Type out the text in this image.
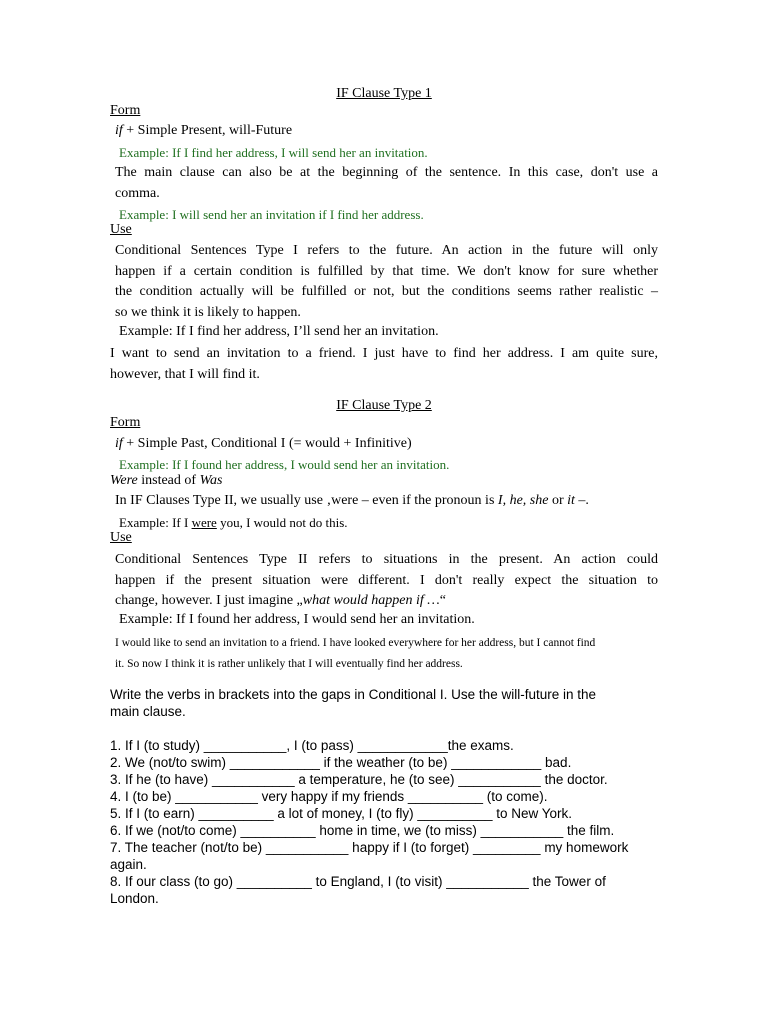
IF Clause Type 1
Form
if + Simple Present, will-Future
Example: If I find her address, I will send her an invitation.
The main clause can also be at the beginning of the sentence. In this case, don't use a
comma.
Example: I will send her an invitation if I find her address.
Use
Conditional Sentences Type I refers to the future. An action in the future will only
happen if a certain condition is fulfilled by that time. We don't know for sure whether
the condition actually will be fulfilled or not, but the conditions seems rather realistic –
so we think it is likely to happen.
Example: If I find her address, I’ll send her an invitation.
I want to send an invitation to a friend. I just have to find her address. I am quite sure,
however, that I will find it.
IF Clause Type 2
Form
if + Simple Past, Conditional I (= would + Infinitive)
Example: If I found her address, I would send her an invitation.
Were instead of Was
In IF Clauses Type II, we usually use ‚were – even if the pronoun is I, he, she or it –.
Example: If I were you, I would not do this.
Use
Conditional Sentences Type II refers to situations in the present. An action could
happen if the present situation were different. I don't really expect the situation to
change, however. I just imagine „what would happen if …“
Example: If I found her address, I would send her an invitation.
I would like to send an invitation to a friend. I have looked everywhere for her address, but I cannot find
it. So now I think it is rather unlikely that I will eventually find her address.
Write the verbs in brackets into the gaps in Conditional I. Use the will-future in the
main clause.
1. If I (to study) ___________, I (to pass) ____________the exams.
2. We (not/to swim) ____________ if the weather (to be) ____________ bad.
3. If he (to have) ___________ a temperature, he (to see) ___________ the doctor.
4. I (to be) ___________ very happy if my friends __________ (to come).
5. If I (to earn) __________ a lot of money, I (to fly) __________ to New York.
6. If we (not/to come) __________ home in time, we (to miss) ___________ the film.
7. The teacher (not/to be) ___________ happy if I (to forget) _________ my homework
again.
8. If our class (to go) __________ to England, I (to visit) ___________ the Tower of
London.
